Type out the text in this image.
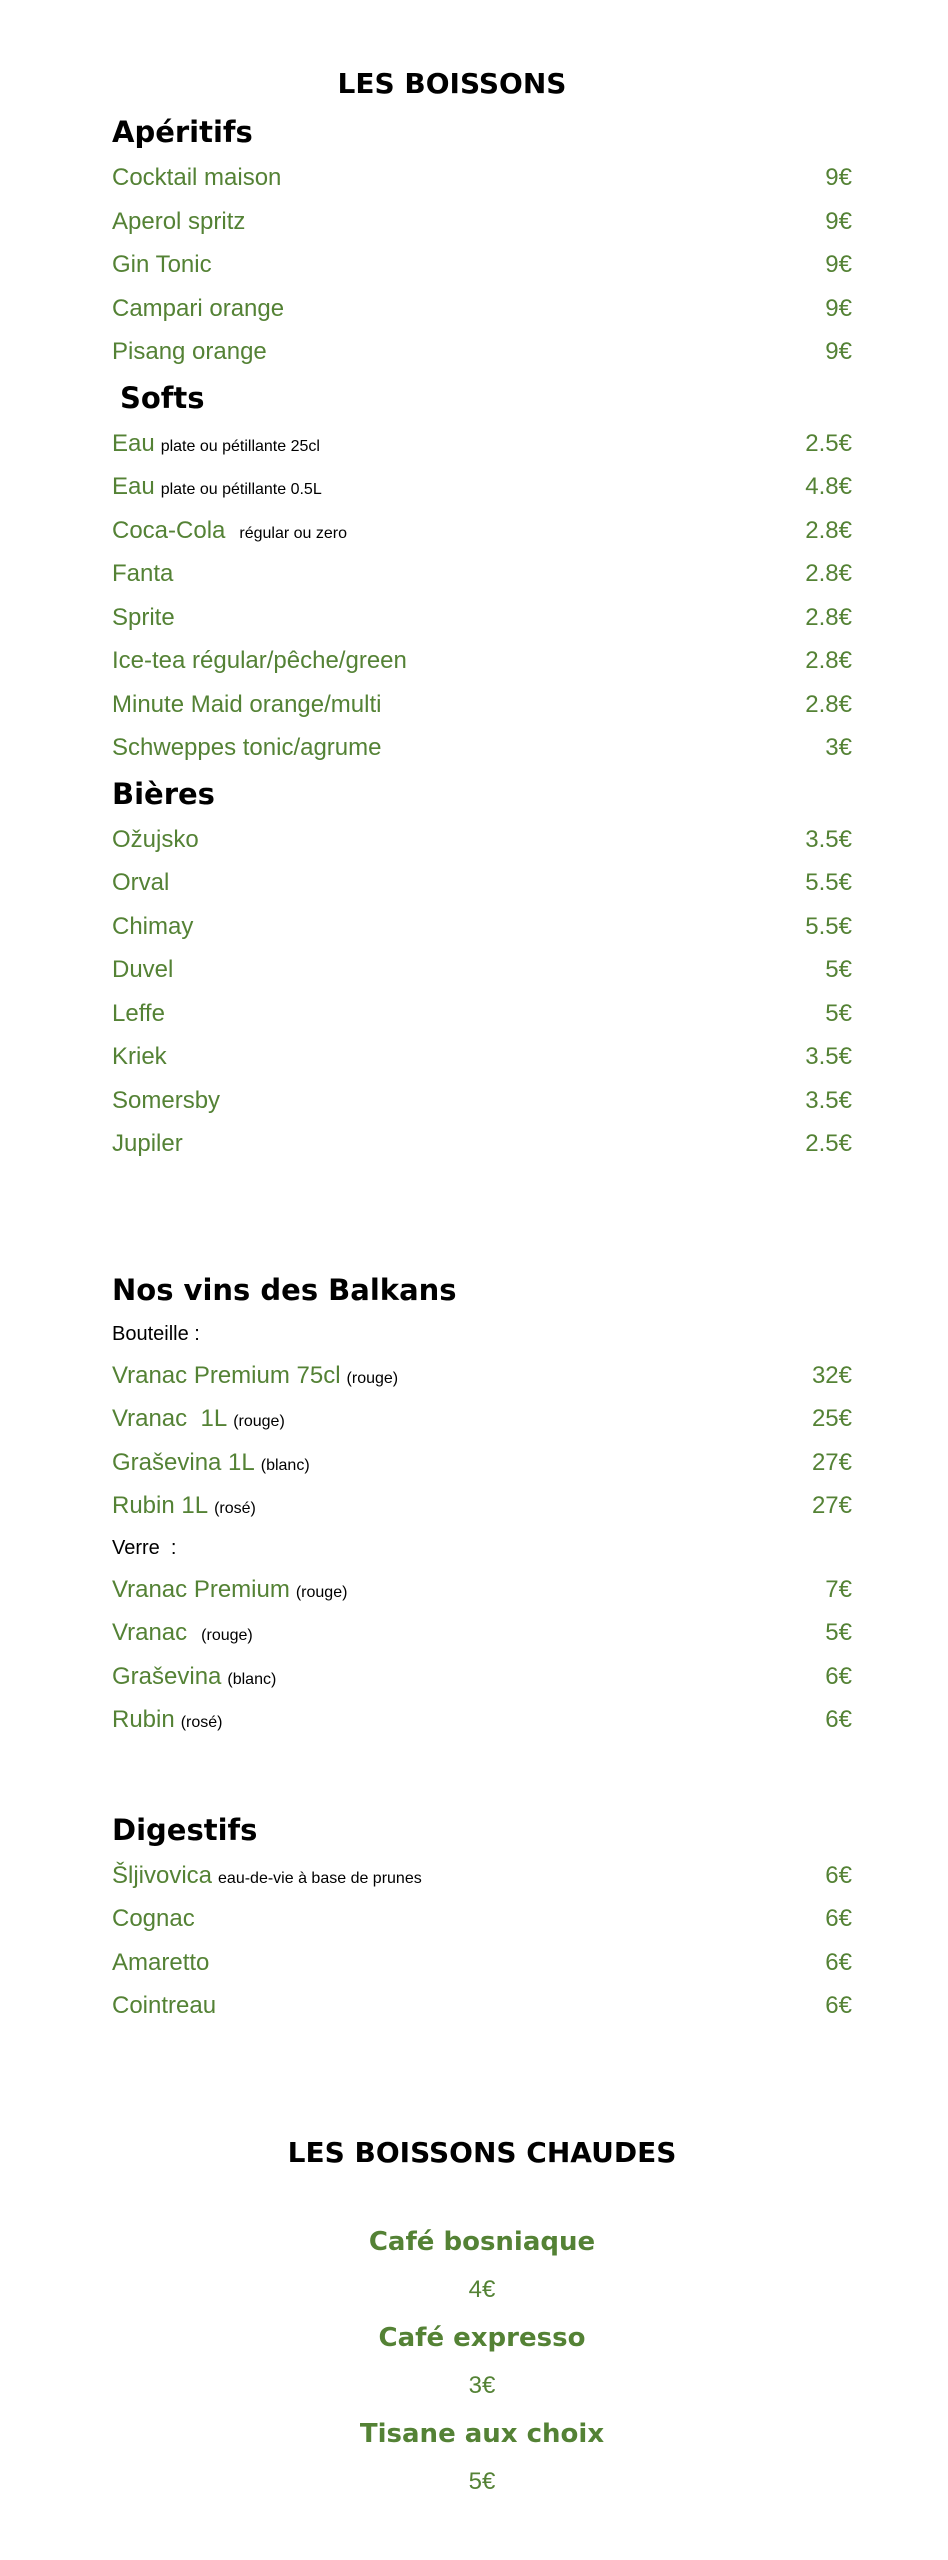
LES BOISSONS
Apéritifs
Cocktail maison	9€
Aperol spritz	9€
Gin Tonic	9€
Campari orange	9€
Pisang orange	9€
Softs
Eau plate ou pétillante 25cl	2.5€
Eau plate ou pétillante 0.5L	4.8€
Coca-Cola régular ou zero	2.8€
Fanta	2.8€
Sprite	2.8€
Ice-tea régular/pêche/green	2.8€
Minute Maid orange/multi	2.8€
Schweppes tonic/agrume	3€
Bières
Ožujsko	3.5€
Orval	5.5€
Chimay	5.5€
Duvel	5€
Leffe	5€
Kriek	3.5€
Somersby	3.5€
Jupiler	2.5€
Nos vins des Balkans
Bouteille :
Vranac Premium 75cl (rouge)	32€
Vranac  1L (rouge)	25€
Graševina 1L (blanc)	27€
Rubin 1L (rosé)	27€
Verre  :
Vranac Premium (rouge)	7€
Vranac (rouge)	5€
Graševina (blanc)	6€
Rubin (rosé)	6€
Digestifs
Šljivovica eau-de-vie à base de prunes	6€
Cognac	6€
Amaretto	6€
Cointreau	6€
LES BOISSONS CHAUDES
Café bosniaque
4€
Café expresso
3€
Tisane aux choix
5€
